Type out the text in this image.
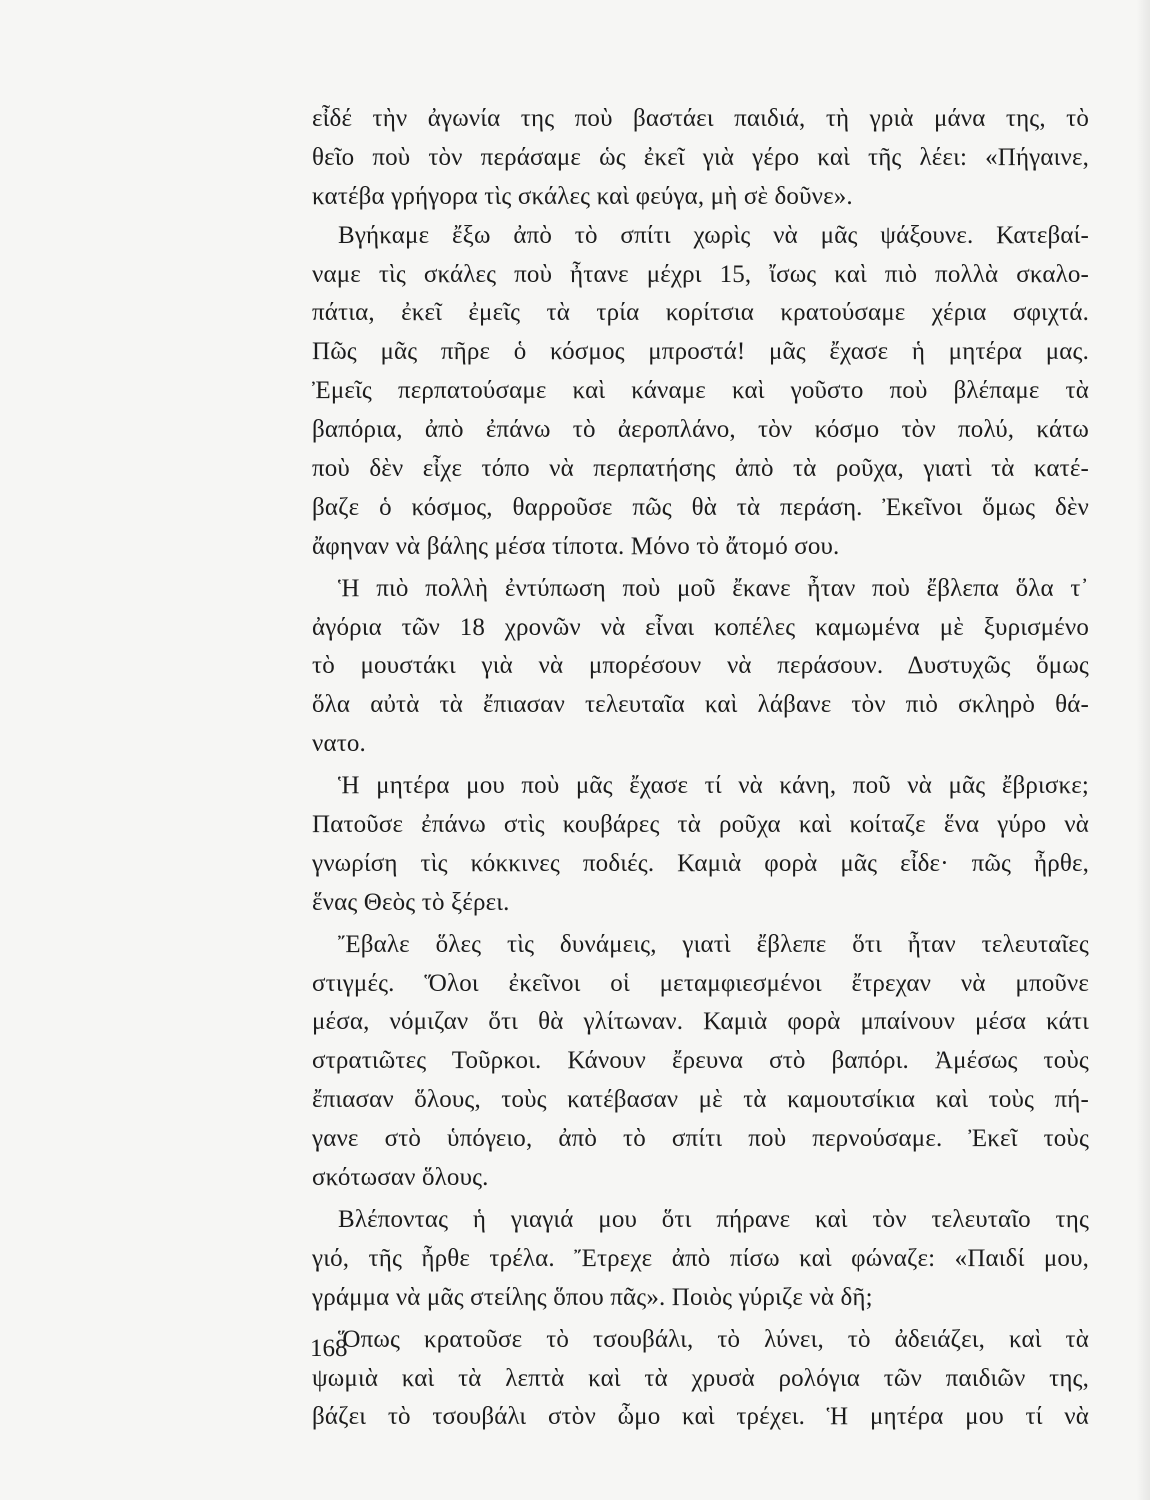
εἶδέ τὴν ἀγωνία της ποὺ βαστάει παιδιά, τὴ γριὰ μάνα της, τὸ
θεῖο ποὺ τὸν περάσαμε ὡς ἐκεῖ γιὰ γέρο καὶ τῆς λέει: «Πήγαινε,
κατέβα γρήγορα τὶς σκάλες καὶ φεύγα, μὴ σὲ δοῦνε».
Βγήκαμε ἔξω ἀπὸ τὸ σπίτι χωρὶς νὰ μᾶς ψάξουνε. Κατεβαί-
ναμε τὶς σκάλες ποὺ ἦτανε μέχρι 15, ἴσως καὶ πιὸ πολλὰ σκαλο-
πάτια, ἐκεῖ ἐμεῖς τὰ τρία κορίτσια κρατούσαμε χέρια σφιχτά.
Πῶς μᾶς πῆρε ὁ κόσμος μπροστά! μᾶς ἔχασε ἡ μητέρα μας.
Ἐμεῖς περπατούσαμε καὶ κάναμε καὶ γοῦστο ποὺ βλέπαμε τὰ
βαπόρια, ἀπὸ ἐπάνω τὸ ἀεροπλάνο, τὸν κόσμο τὸν πολύ, κάτω
ποὺ δὲν εἶχε τόπο νὰ περπατήσης ἀπὸ τὰ ροῦχα, γιατὶ τὰ κατέ-
βαζε ὁ κόσμος, θαρροῦσε πῶς θὰ τὰ περάση. Ἐκεῖνοι ὅμως δὲν
ἄφηναν νὰ βάλης μέσα τίποτα. Μόνο τὸ ἄτομό σου.
Ἡ πιὸ πολλὴ ἐντύπωση ποὺ μοῦ ἔκανε ἦταν ποὺ ἔβλεπα ὅλα τ᾽
ἀγόρια τῶν 18 χρονῶν νὰ εἶναι κοπέλες καμωμένα μὲ ξυρισμένο
τὸ μουστάκι γιὰ νὰ μπορέσουν νὰ περάσουν. Δυστυχῶς ὅμως
ὅλα αὐτὰ τὰ ἔπιασαν τελευταῖα καὶ λάβανε τὸν πιὸ σκληρὸ θά-
νατο.
Ἡ μητέρα μου ποὺ μᾶς ἔχασε τί νὰ κάνη, ποῦ νὰ μᾶς ἔβρισκε;
Πατοῦσε ἐπάνω στὶς κουβάρες τὰ ροῦχα καὶ κοίταζε ἕνα γύρο νὰ
γνωρίση τὶς κόκκινες ποδιές. Καμιὰ φορὰ μᾶς εἶδε· πῶς ἦρθε,
ἕνας Θεὸς τὸ ξέρει.
Ἔβαλε ὅλες τὶς δυνάμεις, γιατὶ ἔβλεπε ὅτι ἦταν τελευταῖες
στιγμές. Ὅλοι ἐκεῖνοι οἱ μεταμφιεσμένοι ἔτρεχαν νὰ μποῦνε
μέσα, νόμιζαν ὅτι θὰ γλίτωναν. Καμιὰ φορὰ μπαίνουν μέσα κάτι
στρατιῶτες Τοῦρκοι. Κάνουν ἔρευνα στὸ βαπόρι. Ἀμέσως τοὺς
ἔπιασαν ὅλους, τοὺς κατέβασαν μὲ τὰ καμουτσίκια καὶ τοὺς πή-
γανε στὸ ὑπόγειο, ἀπὸ τὸ σπίτι ποὺ περνούσαμε. Ἐκεῖ τοὺς
σκότωσαν ὅλους.
Βλέποντας ἡ γιαγιά μου ὅτι πήρανε καὶ τὸν τελευταῖο της
γιό, τῆς ἦρθε τρέλα. Ἔτρεχε ἀπὸ πίσω καὶ φώναζε: «Παιδί μου,
γράμμα νὰ μᾶς στείλης ὅπου πᾶς». Ποιὸς γύριζε νὰ δῆ;
Ὅπως κρατοῦσε τὸ τσουβάλι, τὸ λύνει, τὸ ἀδειάζει, καὶ τὰ
ψωμιὰ καὶ τὰ λεπτὰ καὶ τὰ χρυσὰ ρολόγια τῶν παιδιῶν της,
βάζει τὸ τσουβάλι στὸν ὦμο καὶ τρέχει. Ἡ μητέρα μου τί νὰ
168
